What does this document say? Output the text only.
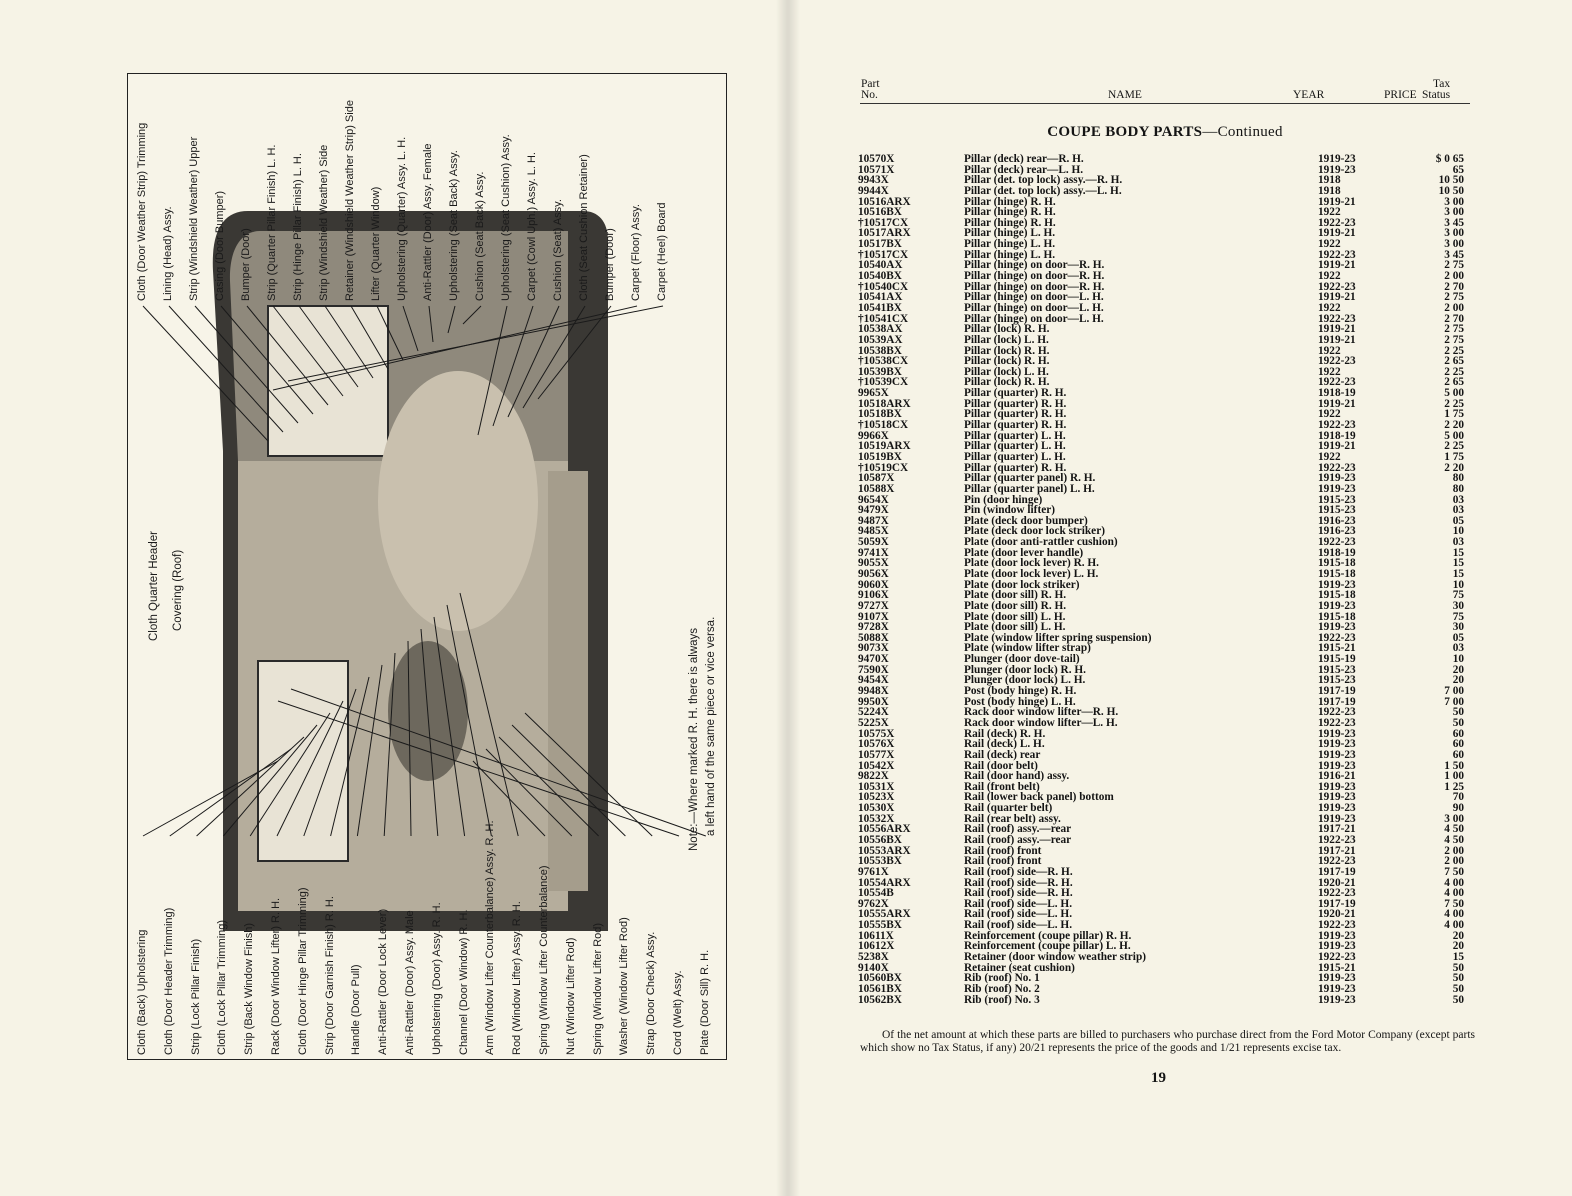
Cloth (Back) Upholstering Cloth (Door Header Trimming) Strip (Lock Pillar Finish) Cloth (Lock Pillar Trimming) Strip (Back Window Finish) Rack (Door Window Lifter) R. H. Cloth (Door Hinge Pillar Trimming) Strip (Door Garnish Finish) R. H. Handle (Door Pull) Anti-Rattler (Door Lock Lever) Anti-Rattler (Door) Assy. Male Upholstering (Door) Assy. R. H. Channel (Door Window) R. H. Arm (Window Lifter Counterbalance) Assy. R. H. Rod (Window Lifter) Assy. R. H. Spring (Window Lifter Counterbalance) Nut (Window Lifter Rod) Spring (Window Lifter Rod) Washer (Window Lifter Rod) Strap (Door Check) Assy. Cord (Welt) Assy. Plate (Door Sill) R. H.
Cloth (Door Weather Strip) Trimming Lining (Head) Assy. Strip (Windshield Weather) Upper Casing (Door Bumper) Bumper (Door) Strip (Quarter Pillar Finish) L. H. Strip (Hinge Pillar Finish) L. H. Strip (Windshield Weather) Side Retainer (Windshield Weather Strip) Side Lifter (Quarter Window) Upholstering (Quarter) Assy. L. H. Anti-Rattler (Door) Assy. Female Upholstering (Seat Back) Assy. Cushion (Seat Back) Assy. Upholstering (Seat Cushion) Assy. Carpet (Cowl Uph.) Assy. L. H. Cushion (Seat) Assy. Cloth (Seat Cushion Retainer) Bumper (Door) Carpet (Floor) Assy. Carpet (Heel) Board
Cloth Quarter Header Covering (Roof)
Note:—Where marked R. H. there is always a left hand of the same piece or vice versa.
Part
No.	NAME	YEAR	PRICE
Tax
Status
COUPE BODY PARTS—Continued
10570X	Pillar (deck) rear—R. H.	1919-23	$ 0 65
10571X	Pillar (deck) rear—L. H.	1919-23	65
9943X	Pillar (det. top lock) assy.—R. H.	1918	10 50
9944X	Pillar (det. top lock) assy.—L. H.	1918	10 50
10516ARX	Pillar (hinge) R. H.	1919-21	3 00
10516BX	Pillar (hinge) R. H.	1922	3 00
†10517CX	Pillar (hinge) R. H.	1922-23	3 45
10517ARX	Pillar (hinge) L. H.	1919-21	3 00
10517BX	Pillar (hinge) L. H.	1922	3 00
†10517CX	Pillar (hinge) L. H.	1922-23	3 45
10540AX	Pillar (hinge) on door—R. H.	1919-21	2 75
10540BX	Pillar (hinge) on door—R. H.	1922	2 00
†10540CX	Pillar (hinge) on door—R. H.	1922-23	2 70
10541AX	Pillar (hinge) on door—L. H.	1919-21	2 75
10541BX	Pillar (hinge) on door—L. H.	1922	2 00
†10541CX	Pillar (hinge) on door—L. H.	1922-23	2 70
10538AX	Pillar (lock) R. H.	1919-21	2 75
10539AX	Pillar (lock) L. H.	1919-21	2 75
10538BX	Pillar (lock) R. H.	1922	2 25
†10538CX	Pillar (lock) R. H.	1922-23	2 65
10539BX	Pillar (lock) L. H.	1922	2 25
†10539CX	Pillar (lock) R. H.	1922-23	2 65
9965X	Pillar (quarter) R. H.	1918-19	5 00
10518ARX	Pillar (quarter) R. H.	1919-21	2 25
10518BX	Pillar (quarter) R. H.	1922	1 75
†10518CX	Pillar (quarter) R. H.	1922-23	2 20
9966X	Pillar (quarter) L. H.	1918-19	5 00
10519ARX	Pillar (quarter) L. H.	1919-21	2 25
10519BX	Pillar (quarter) L. H.	1922	1 75
†10519CX	Pillar (quarter) R. H.	1922-23	2 20
10587X	Pillar (quarter panel) R. H.	1919-23	80
10588X	Pillar (quarter panel) L. H.	1919-23	80
9654X	Pin (door hinge)	1915-23	03
9479X	Pin (window lifter)	1915-23	03
9487X	Plate (deck door bumper)	1916-23	05
9485X	Plate (deck door lock striker)	1916-23	10
5059X	Plate (door anti-rattler cushion)	1922-23	03
9741X	Plate (door lever handle)	1918-19	15
9055X	Plate (door lock lever) R. H.	1915-18	15
9056X	Plate (door lock lever) L. H.	1915-18	15
9060X	Plate (door lock striker)	1919-23	10
9106X	Plate (door sill) R. H.	1915-18	75
9727X	Plate (door sill) R. H.	1919-23	30
9107X	Plate (door sill) L. H.	1915-18	75
9728X	Plate (door sill) L. H.	1919-23	30
5088X	Plate (window lifter spring suspension)	1922-23	05
9073X	Plate (window lifter strap)	1915-21	03
9470X	Plunger (door dove-tail)	1915-19	10
7590X	Plunger (door lock) R. H.	1915-23	20
9454X	Plunger (door lock) L. H.	1915-23	20
9948X	Post (body hinge) R. H.	1917-19	7 00
9950X	Post (body hinge) L. H.	1917-19	7 00
5224X	Rack door window lifter—R. H.	1922-23	50
5225X	Rack door window lifter—L. H.	1922-23	50
10575X	Rail (deck) R. H.	1919-23	60
10576X	Rail (deck) L. H.	1919-23	60
10577X	Rail (deck) rear	1919-23	60
10542X	Rail (door belt)	1919-23	1 50
9822X	Rail (door hand) assy.	1916-21	1 00
10531X	Rail (front belt)	1919-23	1 25
10523X	Rail (lower back panel) bottom	1919-23	70
10530X	Rail (quarter belt)	1919-23	90
10532X	Rail (rear belt) assy.	1919-23	3 00
10556ARX	Rail (roof) assy.—rear	1917-21	4 50
10556BX	Rail (roof) assy.—rear	1922-23	4 50
10553ARX	Rail (roof) front	1917-21	2 00
10553BX	Rail (roof) front	1922-23	2 00
9761X	Rail (roof) side—R. H.	1917-19	7 50
10554ARX	Rail (roof) side—R. H.	1920-21	4 00
10554B	Rail (roof) side—R. H.	1922-23	4 00
9762X	Rail (roof) side—L. H.	1917-19	7 50
10555ARX	Rail (roof) side—L. H.	1920-21	4 00
10555BX	Rail (roof) side—L. H.	1922-23	4 00
10611X	Reinforcement (coupe pillar) R. H.	1919-23	20
10612X	Reinforcement (coupe pillar) L. H.	1919-23	20
5238X	Retainer (door window weather strip)	1922-23	15
9140X	Retainer (seat cushion)	1915-21	50
10560BX	Rib (roof) No. 1	1919-23	50
10561BX	Rib (roof) No. 2	1919-23	50
10562BX	Rib (roof) No. 3	1919-23	50
Of the net amount at which these parts are billed to purchasers who purchase direct from the Ford Motor Company (except parts which show no Tax Status, if any) 20/21 represents the price of the goods and 1/21 represents excise tax.
19
